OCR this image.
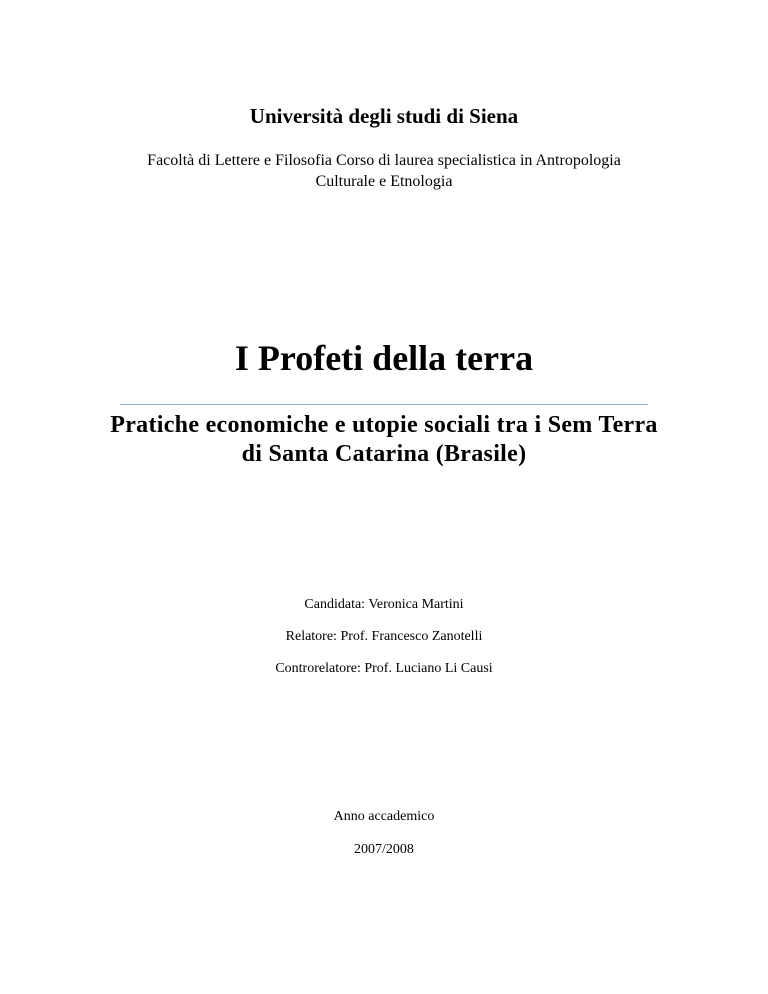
Università degli studi di Siena

Facoltà di Lettere e Filosofia Corso di laurea specialistica in Antropologia Culturale e Etnologia

I Profeti della terra
Pratiche economiche e utopie sociali tra i Sem Terra di Santa Catarina (Brasile)

Candidata: Veronica Martini

Relatore: Prof. Francesco Zanotelli

Controrelatore: Prof. Luciano Li Causi

Anno accademico

2007/2008
